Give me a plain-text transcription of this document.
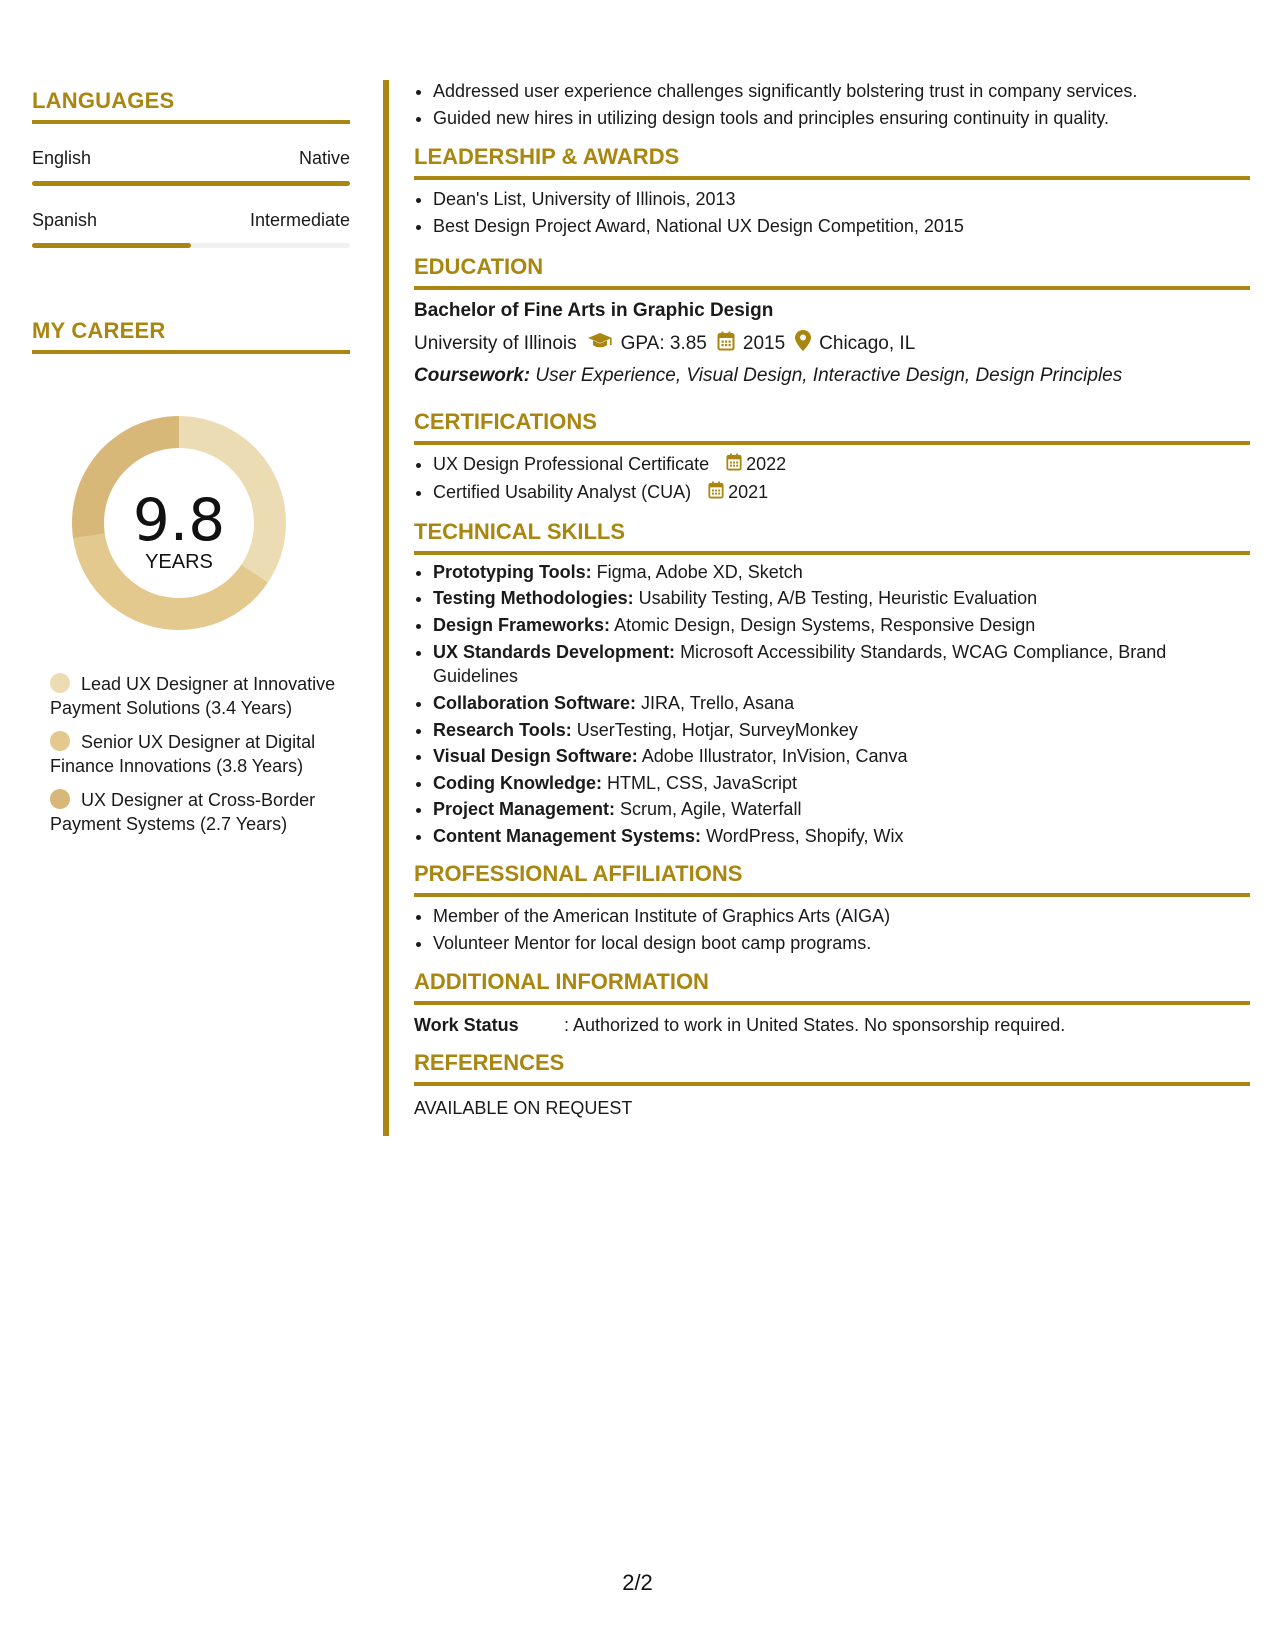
LANGUAGES
English	Native
Spanish	Intermediate
MY CAREER
9.8
YEARS
Lead UX Designer at Innovative Payment Solutions (3.4 Years)
Senior UX Designer at Digital Finance Innovations (3.8 Years)
UX Designer at Cross-Border Payment Systems (2.7 Years)
• Addressed user experience challenges significantly bolstering trust in company services.
• Guided new hires in utilizing design tools and principles ensuring continuity in quality.
LEADERSHIP & AWARDS
• Dean's List, University of Illinois, 2013
• Best Design Project Award, National UX Design Competition, 2015
EDUCATION
Bachelor of Fine Arts in Graphic Design
University of Illinois GPA: 3.85 2015 Chicago, IL
Coursework: User Experience, Visual Design, Interactive Design, Design Principles
CERTIFICATIONS
• UX Design Professional Certificate 2022
• Certified Usability Analyst (CUA) 2021
TECHNICAL SKILLS
• Prototyping Tools: Figma, Adobe XD, Sketch
• Testing Methodologies: Usability Testing, A/B Testing, Heuristic Evaluation
• Design Frameworks: Atomic Design, Design Systems, Responsive Design
• UX Standards Development: Microsoft Accessibility Standards, WCAG Compliance, Brand Guidelines
• Collaboration Software: JIRA, Trello, Asana
• Research Tools: UserTesting, Hotjar, SurveyMonkey
• Visual Design Software: Adobe Illustrator, InVision, Canva
• Coding Knowledge: HTML, CSS, JavaScript
• Project Management: Scrum, Agile, Waterfall
• Content Management Systems: WordPress, Shopify, Wix
PROFESSIONAL AFFILIATIONS
• Member of the American Institute of Graphics Arts (AIGA)
• Volunteer Mentor for local design boot camp programs.
ADDITIONAL INFORMATION
Work Status	: Authorized to work in United States. No sponsorship required.
REFERENCES
AVAILABLE ON REQUEST
2/2
